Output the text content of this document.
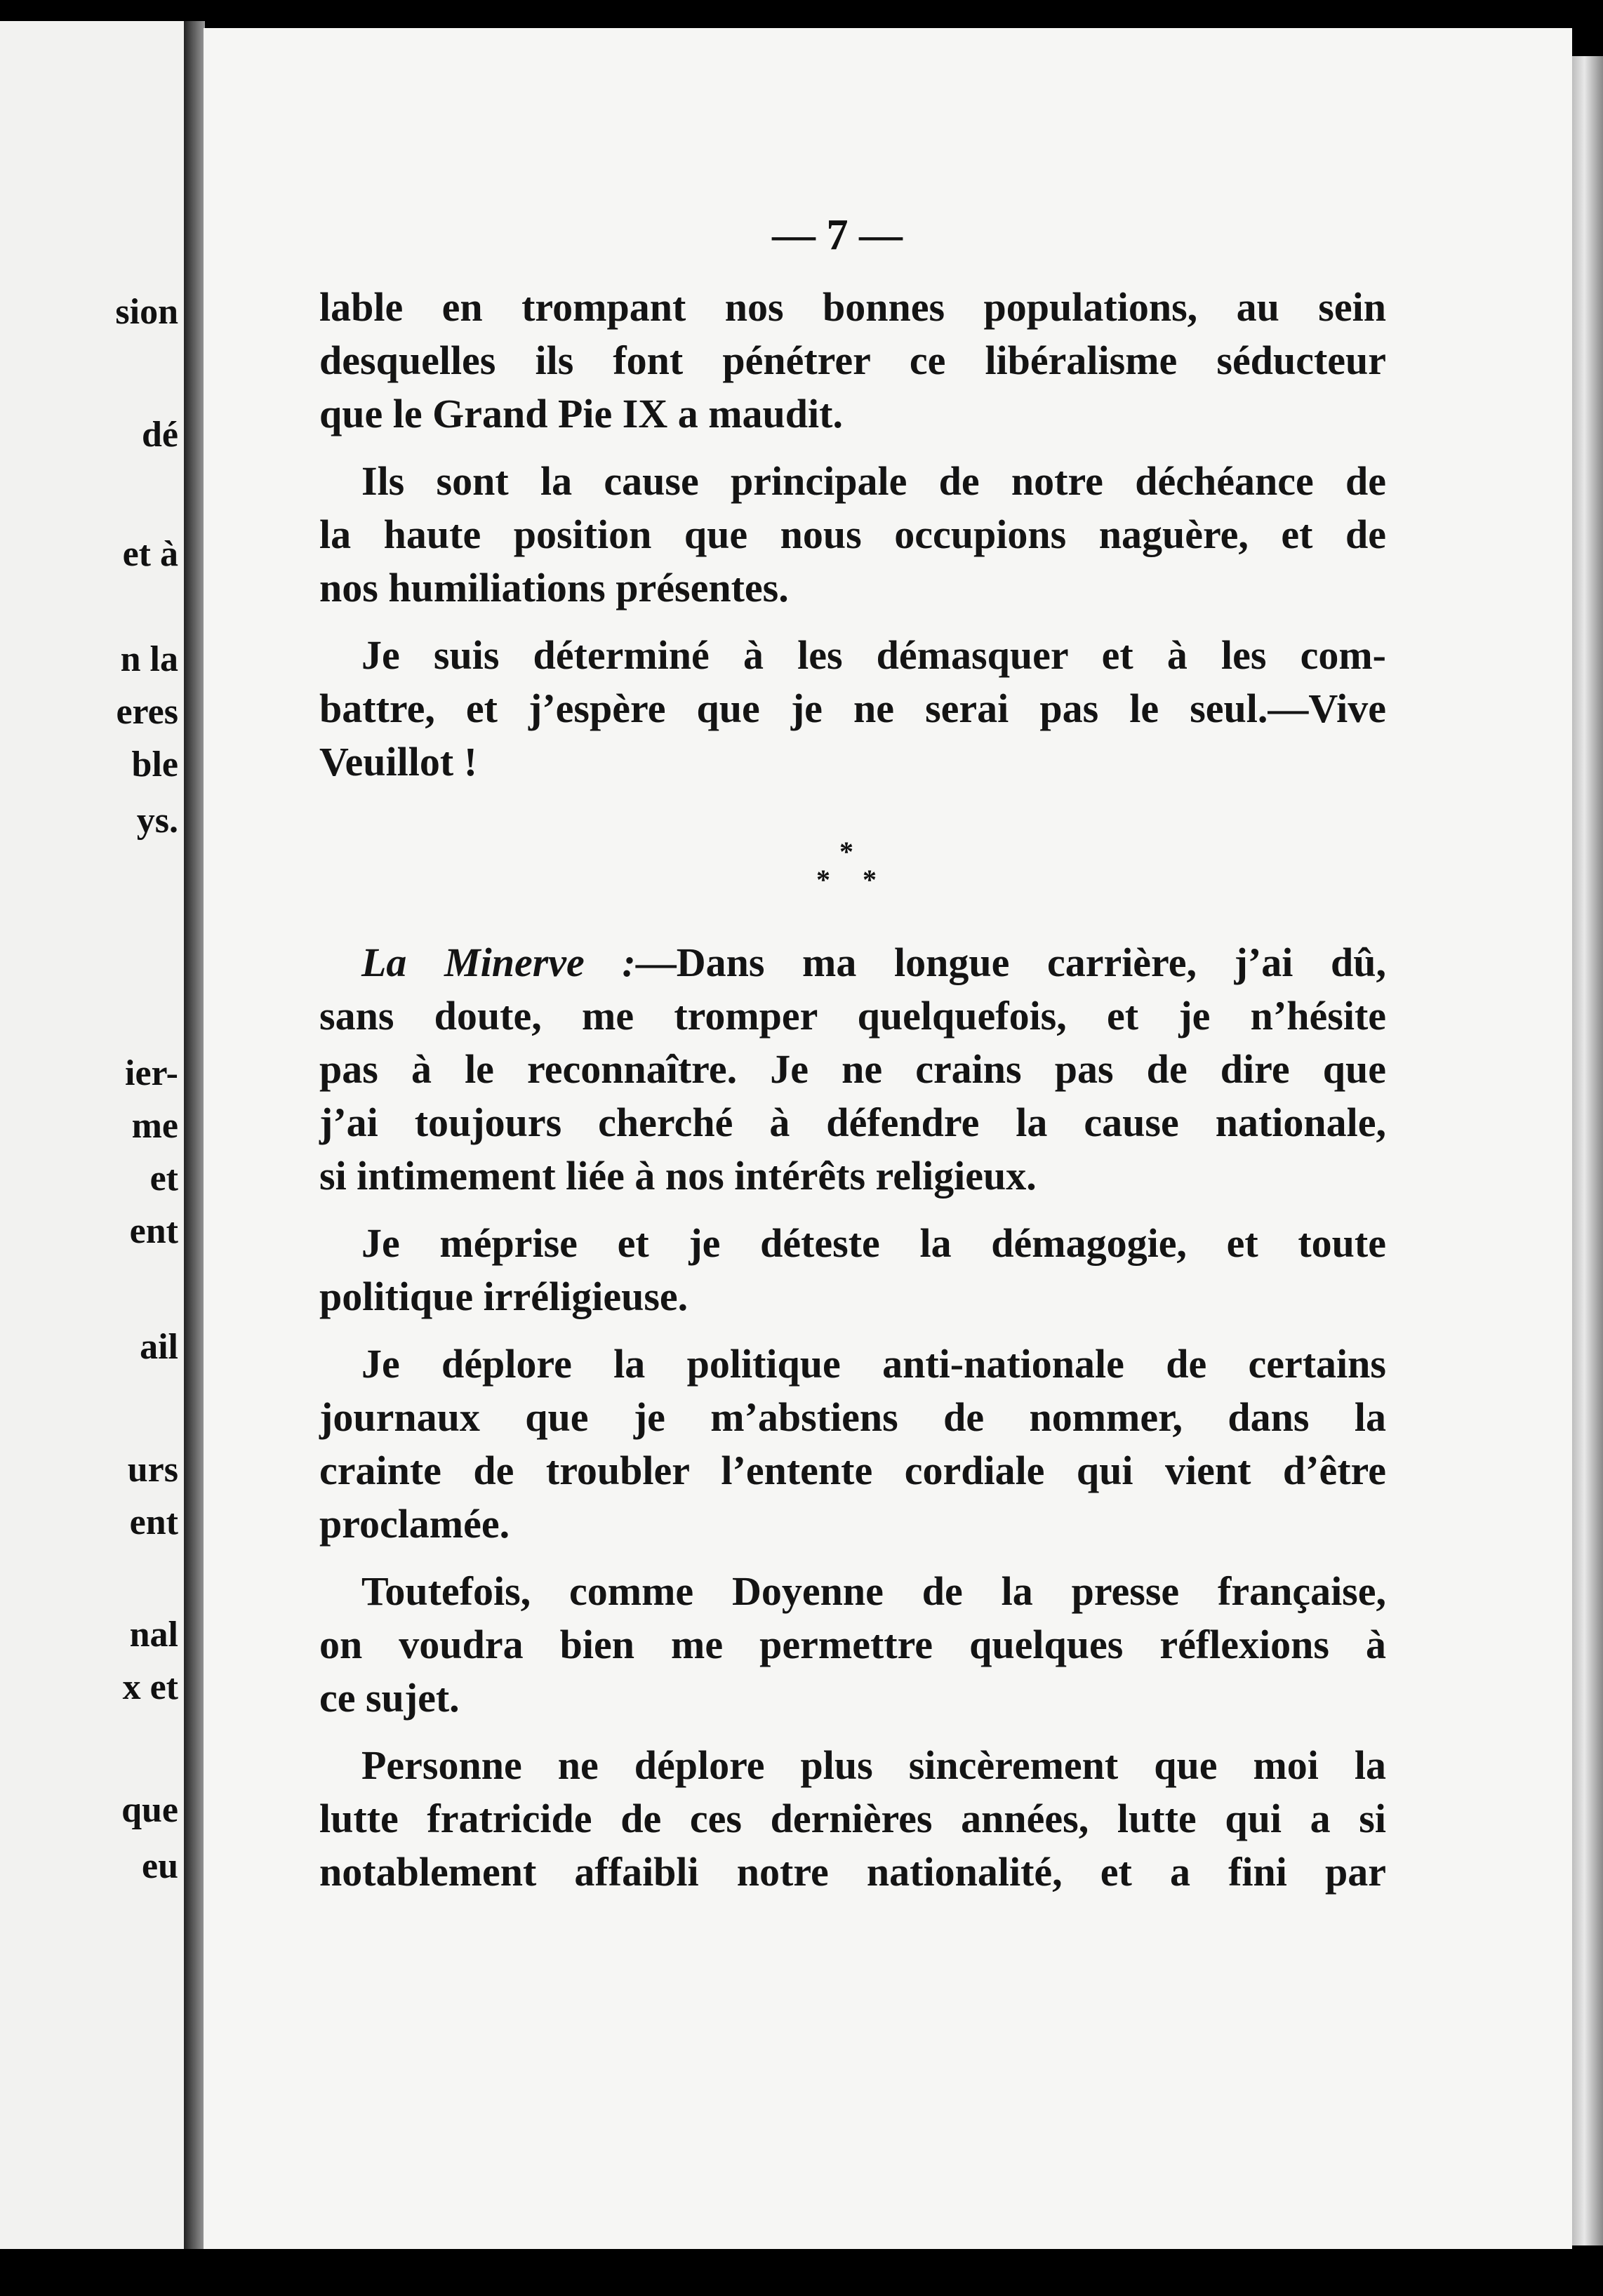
sion
dé
et à
n la
eres
ble
ys.
ier-
me
et
ent
ail
urs
ent
nal
x et
que
eu
— 7 —

lable en trompant nos bonnes populations, au sein
desquelles ils font pénétrer ce libéralisme séducteur
que le Grand Pie IX a maudit.

Ils sont la cause principale de notre déchéance de
la haute position que nous occupions naguère, et de
nos humiliations présentes.

Je suis déterminé à les démasquer et à les com-
battre, et j’espère que je ne serai pas le seul.—Vive
Veuillot !

*
* *

La Minerve :—Dans ma longue carrière, j’ai dû,
sans doute, me tromper quelquefois, et je n’hésite
pas à le reconnaître. Je ne crains pas de dire que
j’ai toujours cherché à défendre la cause nationale,
si intimement liée à nos intérêts religieux.

Je méprise et je déteste la démagogie, et toute
politique irréligieuse.

Je déplore la politique anti-nationale de certains
journaux que je m’abstiens de nommer, dans la
crainte de troubler l’entente cordiale qui vient d’être
proclamée.

Toutefois, comme Doyenne de la presse française,
on voudra bien me permettre quelques réflexions à
ce sujet.

Personne ne déplore plus sincèrement que moi la
lutte fratricide de ces dernières années, lutte qui a si
notablement affaibli notre nationalité, et a fini par
